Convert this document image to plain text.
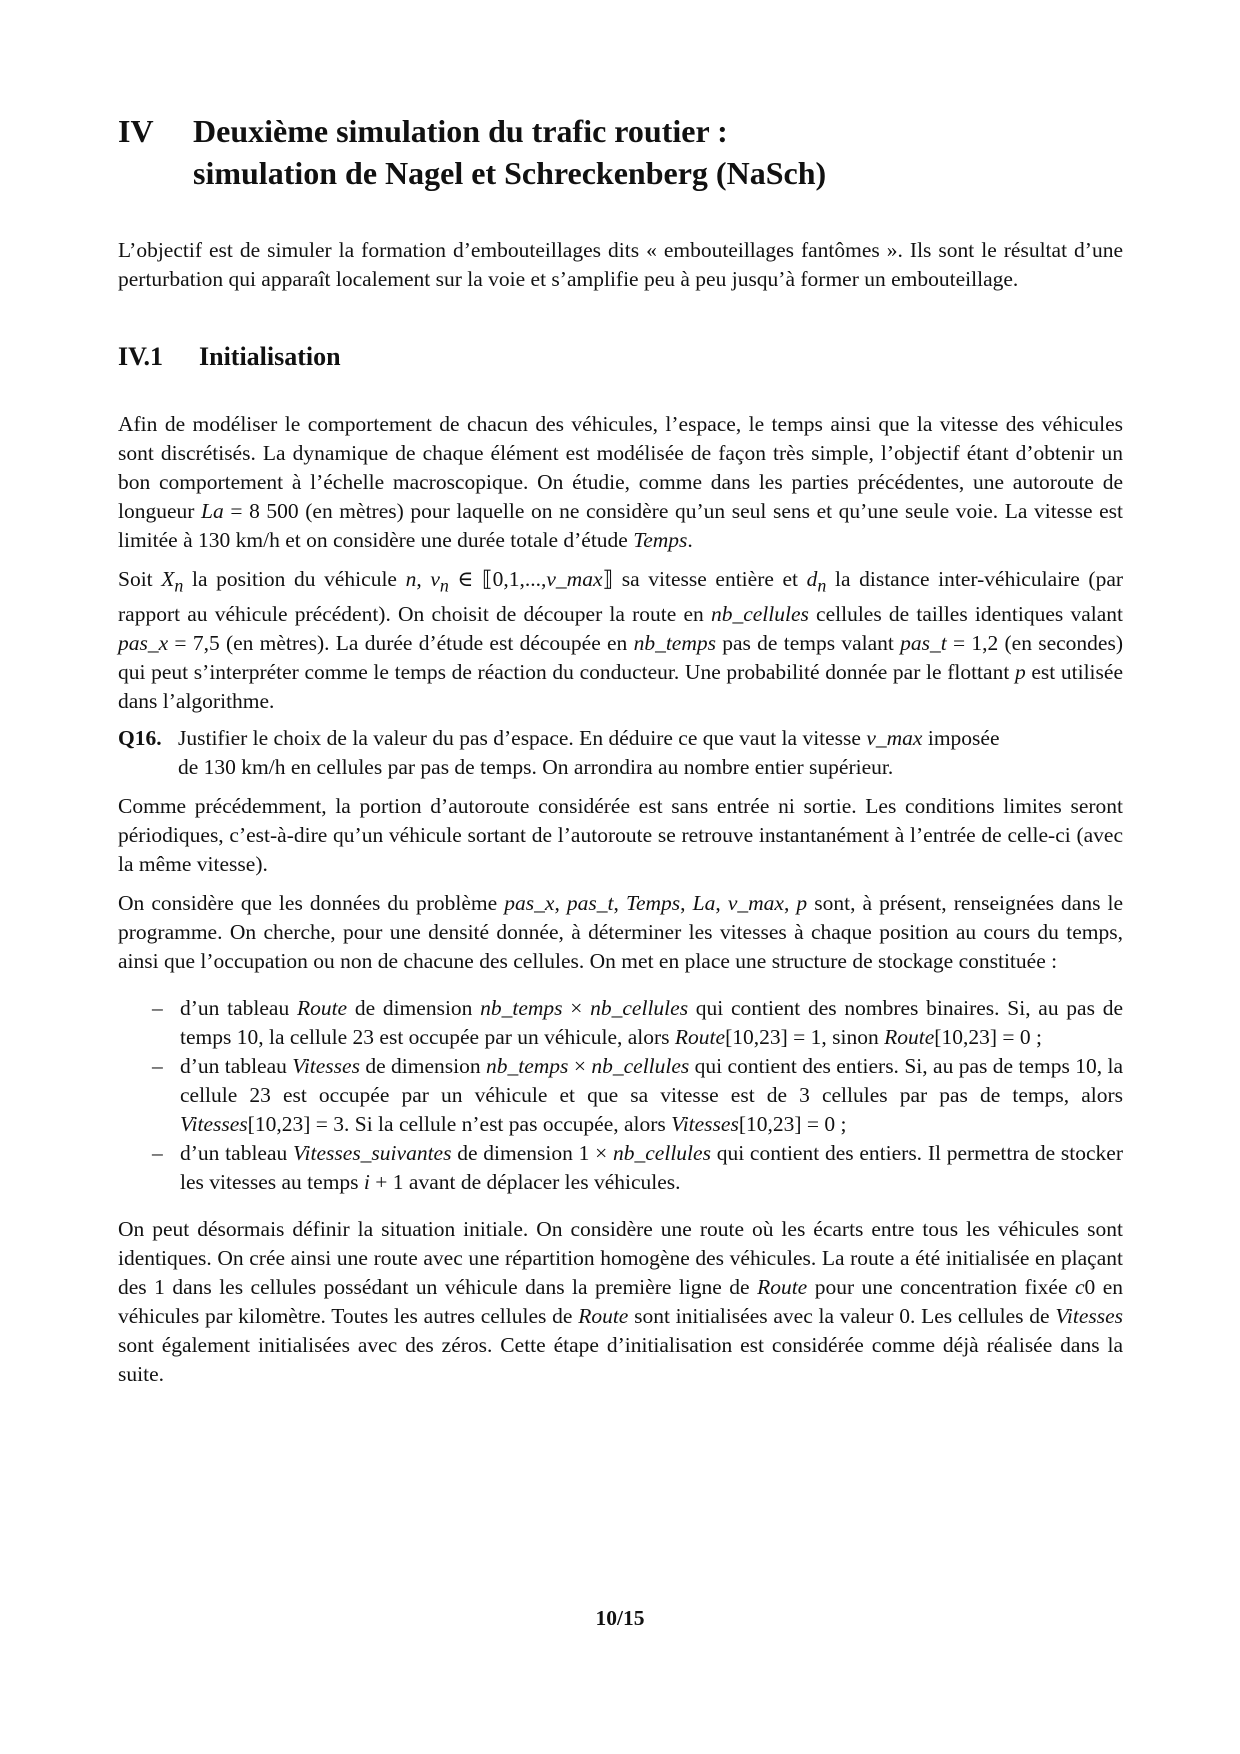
IV	Deuxième simulation du trafic routier :
simulation de Nagel et Schreckenberg (NaSch)

L’objectif est de simuler la formation d’embouteillages dits « embouteillages fantômes ». Ils sont le résultat d’une perturbation qui apparaît localement sur la voie et s’amplifie peu à peu jusqu’à former un embouteillage.

IV.1	Initialisation

Afin de modéliser le comportement de chacun des véhicules, l’espace, le temps ainsi que la vitesse des véhicules sont discrétisés. La dynamique de chaque élément est modélisée de façon très simple, l’objectif étant d’obtenir un bon comportement à l’échelle macroscopique. On étudie, comme dans les parties précédentes, une autoroute de longueur La = 8 500 (en mètres) pour laquelle on ne considère qu’un seul sens et qu’une seule voie. La vitesse est limitée à 130 km/h et on considère une durée totale d’étude Temps.

Soit $X_n$ la position du véhicule n, $v_n$ ∈ ⟦0,1,...,v_max⟧ sa vitesse entière et $d_n$ la distance inter-véhiculaire (par rapport au véhicule précédent). On choisit de découper la route en nb_cellules cellules de tailles identiques valant pas_x = 7,5 (en mètres). La durée d’étude est découpée en nb_temps pas de temps valant pas_t = 1,2 (en secondes) qui peut s’interpréter comme le temps de réaction du conducteur. Une probabilité donnée par le flottant p est utilisée dans l’algorithme.

Q16. Justifier le choix de la valeur du pas d’espace. En déduire ce que vaut la vitesse v_max imposée
de 130 km/h en cellules par pas de temps. On arrondira au nombre entier supérieur.

Comme précédemment, la portion d’autoroute considérée est sans entrée ni sortie. Les conditions limites seront périodiques, c’est-à-dire qu’un véhicule sortant de l’autoroute se retrouve instantanément à l’entrée de celle-ci (avec la même vitesse).

On considère que les données du problème pas_x, pas_t, Temps, La, v_max, p sont, à présent, renseignées dans le programme. On cherche, pour une densité donnée, à déterminer les vitesses à chaque position au cours du temps, ainsi que l’occupation ou non de chacune des cellules. On met en place une structure de stockage constituée :

– d’un tableau Route de dimension nb_temps × nb_cellules qui contient des nombres binaires. Si, au pas de temps 10, la cellule 23 est occupée par un véhicule, alors Route[10,23] = 1, sinon Route[10,23] = 0 ;
– d’un tableau Vitesses de dimension nb_temps × nb_cellules qui contient des entiers. Si, au pas de temps 10, la cellule 23 est occupée par un véhicule et que sa vitesse est de 3 cellules par pas de temps, alors Vitesses[10,23] = 3. Si la cellule n’est pas occupée, alors Vitesses[10,23] = 0 ;
– d’un tableau Vitesses_suivantes de dimension 1 × nb_cellules qui contient des entiers. Il permettra de stocker les vitesses au temps i + 1 avant de déplacer les véhicules.

On peut désormais définir la situation initiale. On considère une route où les écarts entre tous les véhicules sont identiques. On crée ainsi une route avec une répartition homogène des véhicules. La route a été initialisée en plaçant des 1 dans les cellules possédant un véhicule dans la première ligne de Route pour une concentration fixée c0 en véhicules par kilomètre. Toutes les autres cellules de Route sont initialisées avec la valeur 0. Les cellules de Vitesses sont également initialisées avec des zéros. Cette étape d’initialisation est considérée comme déjà réalisée dans la suite.

10/15
